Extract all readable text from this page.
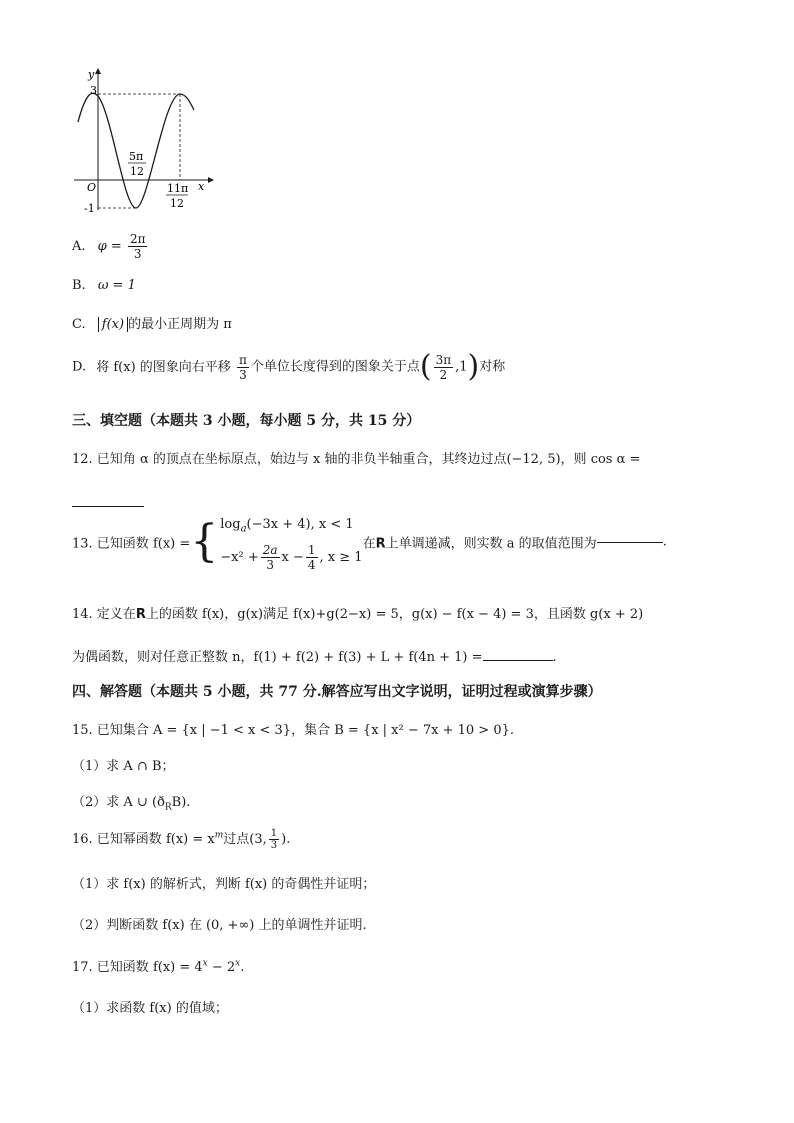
y
x
O
3
-1
5π
12
11π
12
A. $\varphi = \frac{2\pi}{3}$
B. ω = 1
C. f(x) 的最小正周期为 π
D. 将 f(x) 的图象向右平移 $\frac{\pi}{3}$ 个单位长度得到的图象关于点( $\frac{3\pi}{2} ,1$)对称
三、填空题（本题共 3 小题，每小题 5 分，共 15 分）
12. 已知角 α 的顶点在坐标原点，始边与 x 轴的非负半轴重合，其终边过点(−12, 5)，则 cos α =
13. 已知函数 f(x) ={ $\log_a(-3x + 4)$, x < 1
$-x^2 + \frac{2a}{3}$ $x - \frac{1}{4}$ , x ≥ 1
在R上单调递减，则实数 a 的取值范围为	.
14. 定义在R上的函数 f(x)，g(x)满足 f(x)+g(2−x) = 5，g(x) − f(x − 4) = 3，且函数 g(x + 2)
为偶函数，则对任意正整数 n，f(1) + f(2) + f(3) + L + f(4n + 1) =	.
四、解答题（本题共 5 小题，共 77 分.解答应写出文字说明，证明过程或演算步骤）
15. 已知集合 A = {x | −1 < x < 3}，集合 B = {x | x² − 7x + 10 > 0}.
（1）求 A ∩ B；
（2）求 A ∪ $(ð_RB)$.
16. 已知幂函数 $f(x) = x^m$过点(3, $\frac{1}{3}$ ).
（1）求 f(x) 的解析式，判断 f(x) 的奇偶性并证明；
（2）判断函数 f(x) 在 (0, +∞) 上的单调性并证明.
17. 已知函数 $f(x) = 4^x - 2^x$.
（1）求函数 f(x) 的值域；
